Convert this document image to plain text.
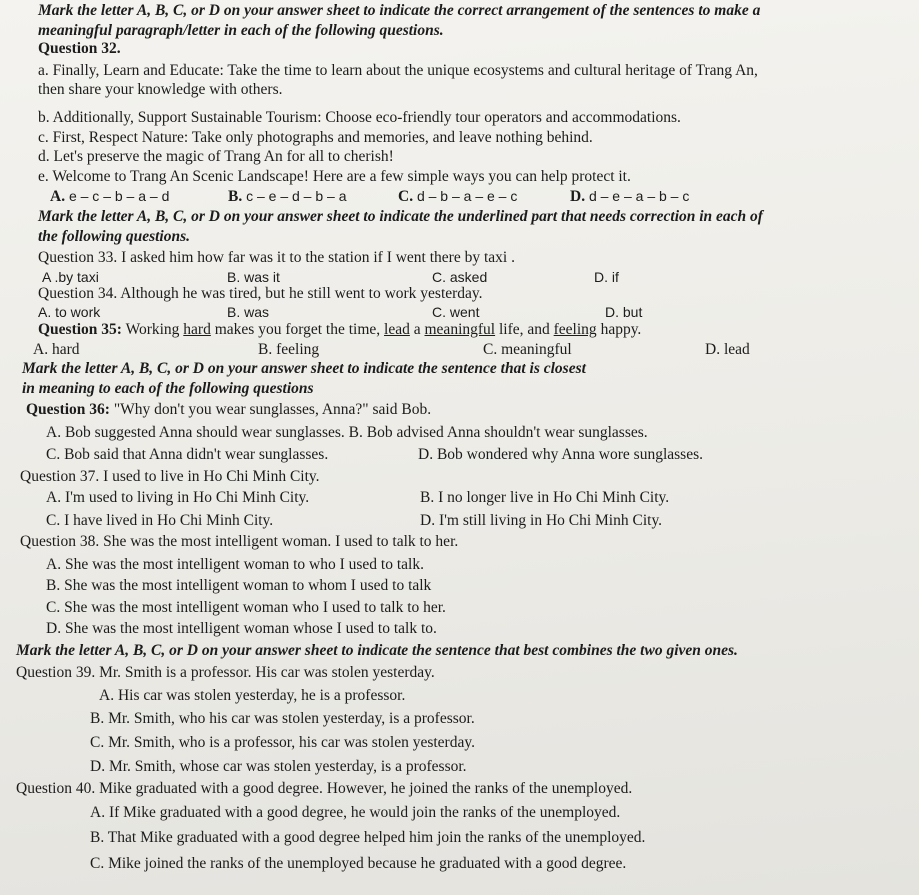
Mark the letter A, B, C, or D on your answer sheet to indicate the correct arrangement of the sentences to make a
meaningful paragraph/letter in each of the following questions.
Question 32.
a. Finally, Learn and Educate: Take the time to learn about the unique ecosystems and cultural heritage of Trang An,
then share your knowledge with others.
b. Additionally, Support Sustainable Tourism: Choose eco-friendly tour operators and accommodations.
c. First, Respect Nature: Take only photographs and memories, and leave nothing behind.
d. Let's preserve the magic of Trang An for all to cherish!
e. Welcome to Trang An Scenic Landscape! Here are a few simple ways you can help protect it.
A. e – c – b – a – d	B. c – e – d – b – a	C. d – b – a – e – c	D. d – e – a – b – c
Mark the letter A, B, C, or D on your answer sheet to indicate the underlined part that needs correction in each of
the following questions.
Question 33. I asked him how far was it to the station if I went there by taxi .
A .by taxi	B. was it	C. asked	D. if
Question 34. Although he was tired, but he still went to work yesterday.
A. to work	B. was	C. went	D. but
Question 35: Working hard makes you forget the time, lead a meaningful life, and feeling happy.
A. hard	B. feeling	C. meaningful	D. lead
Mark the letter A, B, C, or D on your answer sheet to indicate the sentence that is closest
in meaning to each of the following questions
Question 36: "Why don't you wear sunglasses, Anna?" said Bob.
A. Bob suggested Anna should wear sunglasses. B. Bob advised Anna shouldn't wear sunglasses.
C. Bob said that Anna didn't wear sunglasses.	D. Bob wondered why Anna wore sunglasses.
Question 37. I used to live in Ho Chi Minh City.
A. I'm used to living in Ho Chi Minh City.	B. I no longer live in Ho Chi Minh City.
C. I have lived in Ho Chi Minh City.	D. I'm still living in Ho Chi Minh City.
Question 38. She was the most intelligent woman. I used to talk to her.
A. She was the most intelligent woman to who I used to talk.
B. She was the most intelligent woman to whom I used to talk
C. She was the most intelligent woman who I used to talk to her.
D. She was the most intelligent woman whose I used to talk to.
Mark the letter A, B, C, or D on your answer sheet to indicate the sentence that best combines the two given ones.
Question 39. Mr. Smith is a professor. His car was stolen yesterday.
A. His car was stolen yesterday, he is a professor.
B. Mr. Smith, who his car was stolen yesterday, is a professor.
C. Mr. Smith, who is a professor, his car was stolen yesterday.
D. Mr. Smith, whose car was stolen yesterday, is a professor.
Question 40. Mike graduated with a good degree. However, he joined the ranks of the unemployed.
A. If Mike graduated with a good degree, he would join the ranks of the unemployed.
B. That Mike graduated with a good degree helped him join the ranks of the unemployed.
C. Mike joined the ranks of the unemployed because he graduated with a good degree.
